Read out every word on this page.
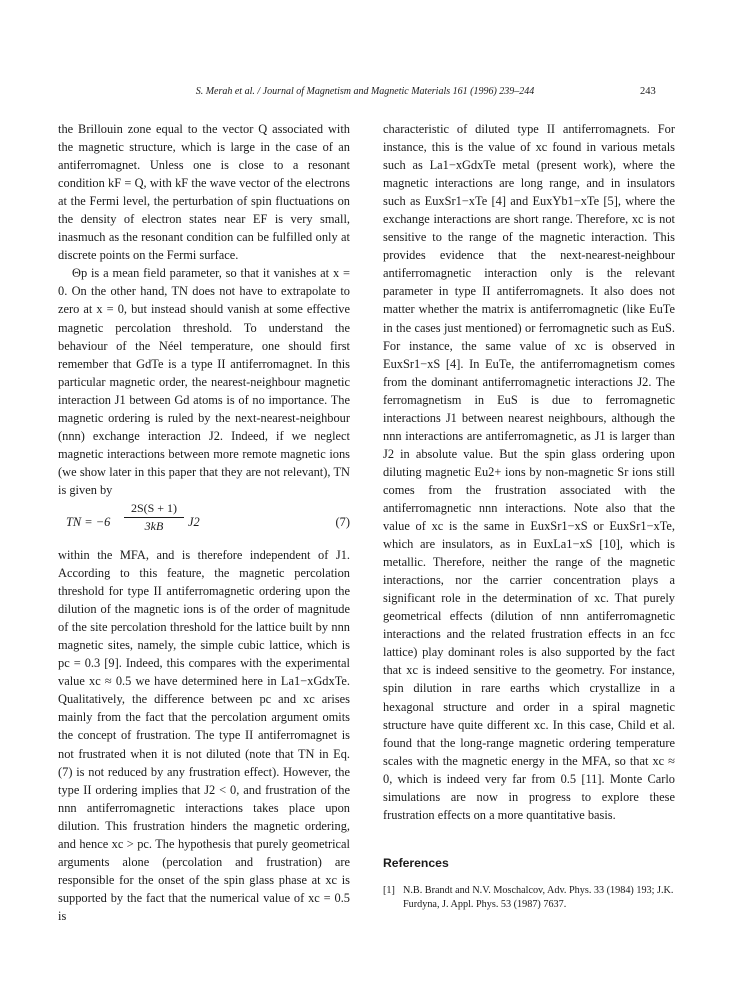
S. Merah et al. / Journal of Magnetism and Magnetic Materials 161 (1996) 239–244	243

the Brillouin zone equal to the vector Q associated with the magnetic structure, which is large in the case of an antiferromagnet. Unless one is close to a resonant condition kF = Q, with kF the wave vector of the electrons at the Fermi level, the perturbation of spin fluctuations on the density of electron states near EF is very small, inasmuch as the resonant condition can be fulfilled only at discrete points on the Fermi surface.

Θp is a mean field parameter, so that it vanishes at x = 0. On the other hand, TN does not have to extrapolate to zero at x = 0, but instead should vanish at some effective magnetic percolation threshold. To understand the behaviour of the Néel temperature, one should first remember that GdTe is a type II antiferromagnet. In this particular magnetic order, the nearest-neighbour magnetic interaction J1 between Gd atoms is of no importance. The magnetic ordering is ruled by the next-nearest-neighbour (nnn) exchange interaction J2. Indeed, if we neglect magnetic interactions between more remote magnetic ions (we show later in this paper that they are not relevant), TN is given by

TN = −6
2S(S + 1)
3kB	J2	(7)

within the MFA, and is therefore independent of J1. According to this feature, the magnetic percolation threshold for type II antiferromagnetic ordering upon the dilution of the magnetic ions is of the order of magnitude of the site percolation threshold for the lattice built by nnn magnetic sites, namely, the simple cubic lattice, which is pc = 0.3 [9]. Indeed, this compares with the experimental value xc ≈ 0.5 we have determined here in La1−xGdxTe. Qualitatively, the difference between pc and xc arises mainly from the fact that the percolation argument omits the concept of frustration. The type II antiferromagnet is not frustrated when it is not diluted (note that TN in Eq. (7) is not reduced by any frustration effect). However, the type II ordering implies that J2 < 0, and frustration of the nnn antiferromagnetic interactions takes place upon dilution. This frustration hinders the magnetic ordering, and hence xc > pc. The hypothesis that purely geometrical arguments alone (percolation and frustration) are responsible for the onset of the spin glass phase at xc is supported by the fact that the numerical value of xc = 0.5 is

characteristic of diluted type II antiferromagnets. For instance, this is the value of xc found in various metals such as La1−xGdxTe metal (present work), where the magnetic interactions are long range, and in insulators such as EuxSr1−xTe [4] and EuxYb1−xTe [5], where the exchange interactions are short range. Therefore, xc is not sensitive to the range of the magnetic interaction. This provides evidence that the next-nearest-neighbour antiferromagnetic interaction only is the relevant parameter in type II antiferromagnets. It also does not matter whether the matrix is antiferromagnetic (like EuTe in the cases just mentioned) or ferromagnetic such as EuS. For instance, the same value of xc is observed in EuxSr1−xS [4]. In EuTe, the antiferromagnetism comes from the dominant antiferromagnetic interactions J2. The ferromagnetism in EuS is due to ferromagnetic interactions J1 between nearest neighbours, although the nnn interactions are antiferromagnetic, as J1 is larger than J2 in absolute value. But the spin glass ordering upon diluting magnetic Eu2+ ions by non-magnetic Sr ions still comes from the frustration associated with the antiferromagnetic nnn interactions. Note also that the value of xc is the same in EuxSr1−xS or EuxSr1−xTe, which are insulators, as in EuxLa1−xS [10], which is metallic. Therefore, neither the range of the magnetic interactions, nor the carrier concentration plays a significant role in the determination of xc. That purely geometrical effects (dilution of nnn antiferromagnetic interactions and the related frustration effects in an fcc lattice) play dominant roles is also supported by the fact that xc is indeed sensitive to the geometry. For instance, spin dilution in rare earths which crystallize in a hexagonal structure and order in a spiral magnetic structure have quite different xc. In this case, Child et al. found that the long-range magnetic ordering temperature scales with the magnetic energy in the MFA, so that xc ≈ 0, which is indeed very far from 0.5 [11]. Monte Carlo simulations are now in progress to explore these frustration effects on a more quantitative basis.

References

[1] N.B. Brandt and N.V. Moschalcov, Adv. Phys. 33 (1984) 193; J.K. Furdyna, J. Appl. Phys. 53 (1987) 7637.
